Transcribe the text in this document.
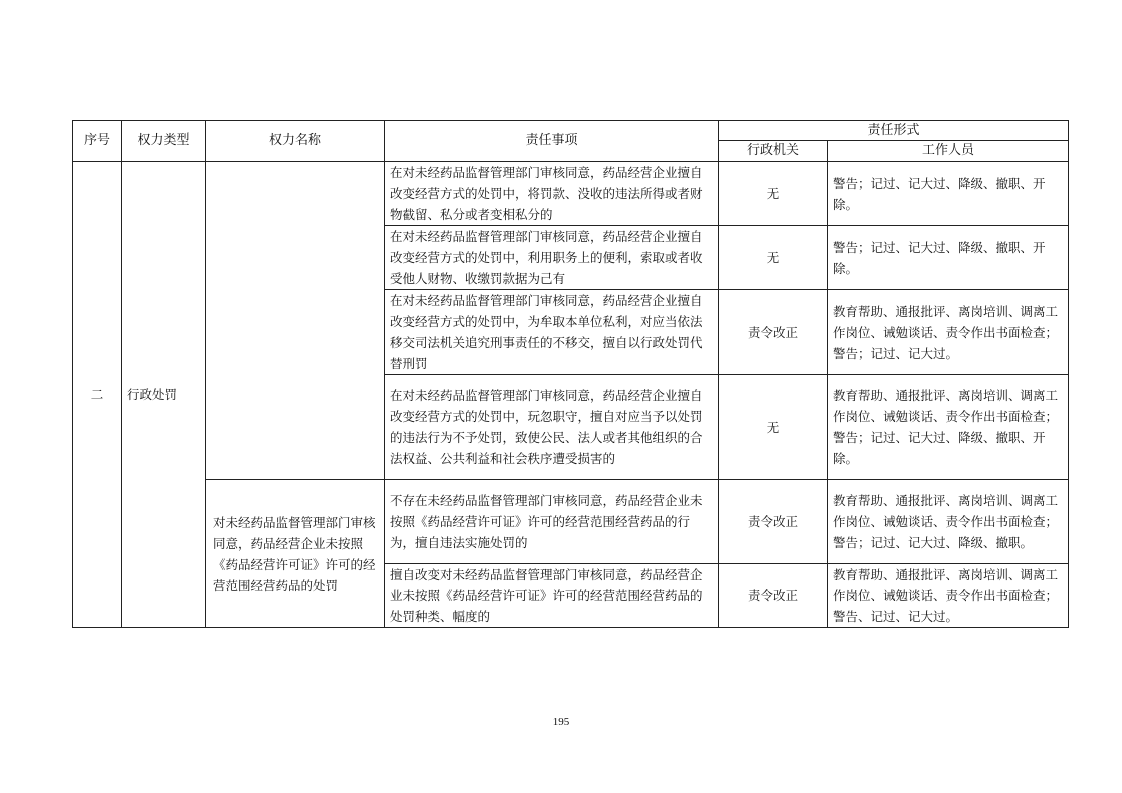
序号	权力类型	权力名称	责任事项	责任形式	
				行政机关	工作人员
二	行政处罚		在对未经药品监督管理部门审核同意，药品经营企业擅自改变经营方式的处罚中，将罚款、没收的违法所得或者财物截留、私分或者变相私分的	无	警告；记过、记大过、降级、撤职、开除。
			在对未经药品监督管理部门审核同意，药品经营企业擅自改变经营方式的处罚中，利用职务上的便利，索取或者收受他人财物、收缴罚款据为己有	无	警告；记过、记大过、降级、撤职、开除。
			在对未经药品监督管理部门审核同意，药品经营企业擅自改变经营方式的处罚中，为牟取本单位私利，对应当依法移交司法机关追究刑事责任的不移交，擅自以行政处罚代替刑罚	责令改正	教育帮助、通报批评、离岗培训、调离工作岗位、诫勉谈话、责令作出书面检查；警告；记过、记大过。
			在对未经药品监督管理部门审核同意，药品经营企业擅自改变经营方式的处罚中，玩忽职守，擅自对应当予以处罚的违法行为不予处罚，致使公民、法人或者其他组织的合法权益、公共利益和社会秩序遭受损害的	无	教育帮助、通报批评、离岗培训、调离工作岗位、诫勉谈话、责令作出书面检查；警告；记过、记大过、降级、撤职、开除。
		对未经药品监督管理部门审核同意，药品经营企业未按照《药品经营许可证》许可的经营范围经营药品的处罚	不存在未经药品监督管理部门审核同意，药品经营企业未按照《药品经营许可证》许可的经营范围经营药品的行为，擅自违法实施处罚的	责令改正	教育帮助、通报批评、离岗培训、调离工作岗位、诫勉谈话、责令作出书面检查；警告；记过、记大过、降级、撤职。
			擅自改变对未经药品监督管理部门审核同意，药品经营企业未按照《药品经营许可证》许可的经营范围经营药品的处罚种类、幅度的	责令改正	教育帮助、通报批评、离岗培训、调离工作岗位、诫勉谈话、责令作出书面检查；警告、记过、记大过。
195
